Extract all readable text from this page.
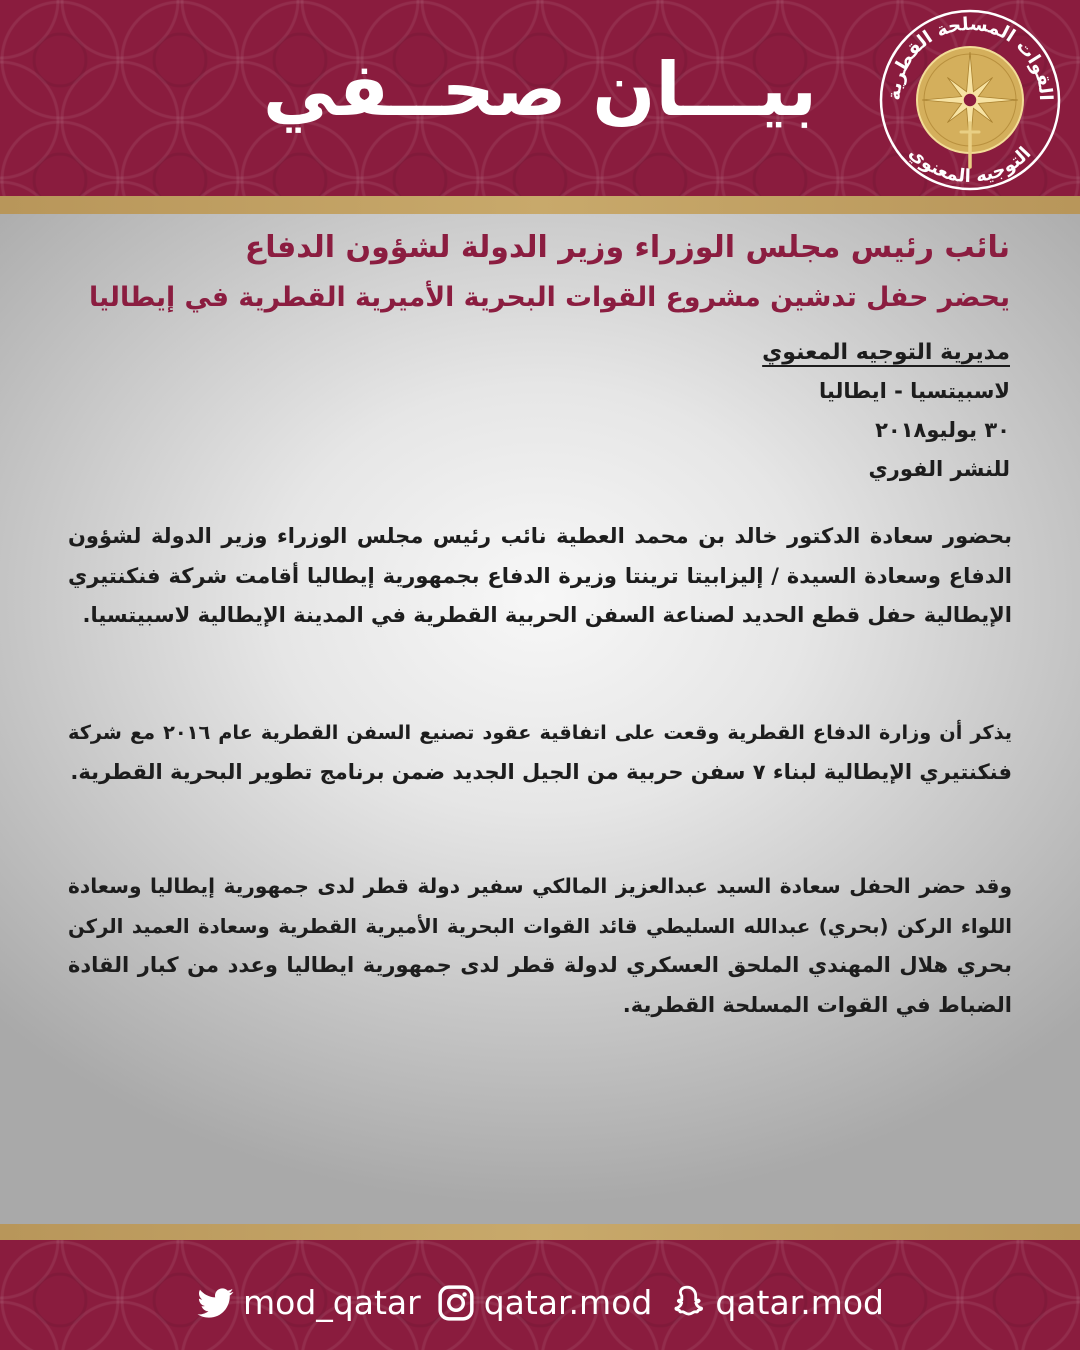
بيـــان صحــفي	القوات المسلحة القطرية
التوجيه المعنوي
نائب رئيس مجلس الوزراء وزير الدولة لشؤون الدفاع
يحضر حفل تدشين مشروع القوات البحرية الأميرية القطرية في إيطاليا
مديرية التوجيه المعنوي
لاسبيتسيا - ايطاليا
٣٠ يوليو٢٠١٨
للنشر الفوري
بحضور سعادة الدكتور خالد بن محمد العطية نائب رئيس مجلس الوزراء وزير الدولة لشؤون
الدفاع وسعادة السيدة / إليزابيتا ترينتا وزيرة الدفاع بجمهورية إيطاليا أقامت شركة فنكنتيري
الإيطالية حفل قطع الحديد لصناعة السفن الحربية القطرية في المدينة الإيطالية لاسبيتسيا.
يذكر أن وزارة الدفاع القطرية وقعت على اتفاقية عقود تصنيع السفن القطرية عام ٢٠١٦ مع شركة
فنكنتيري الإيطالية لبناء ٧ سفن حربية من الجيل الجديد ضمن برنامج تطوير البحرية القطرية.
وقد حضر الحفل سعادة السيد عبدالعزيز المالكي سفير دولة قطر لدى جمهورية إيطاليا وسعادة
اللواء الركن (بحري) عبدالله السليطي قائد القوات البحرية الأميرية القطرية وسعادة العميد الركن
بحري هلال المهندي الملحق العسكري لدولة قطر لدى جمهورية ايطاليا وعدد من كبار القادة
الضباط في القوات المسلحة القطرية.
mod_qatar qatar.mod qatar.mod
